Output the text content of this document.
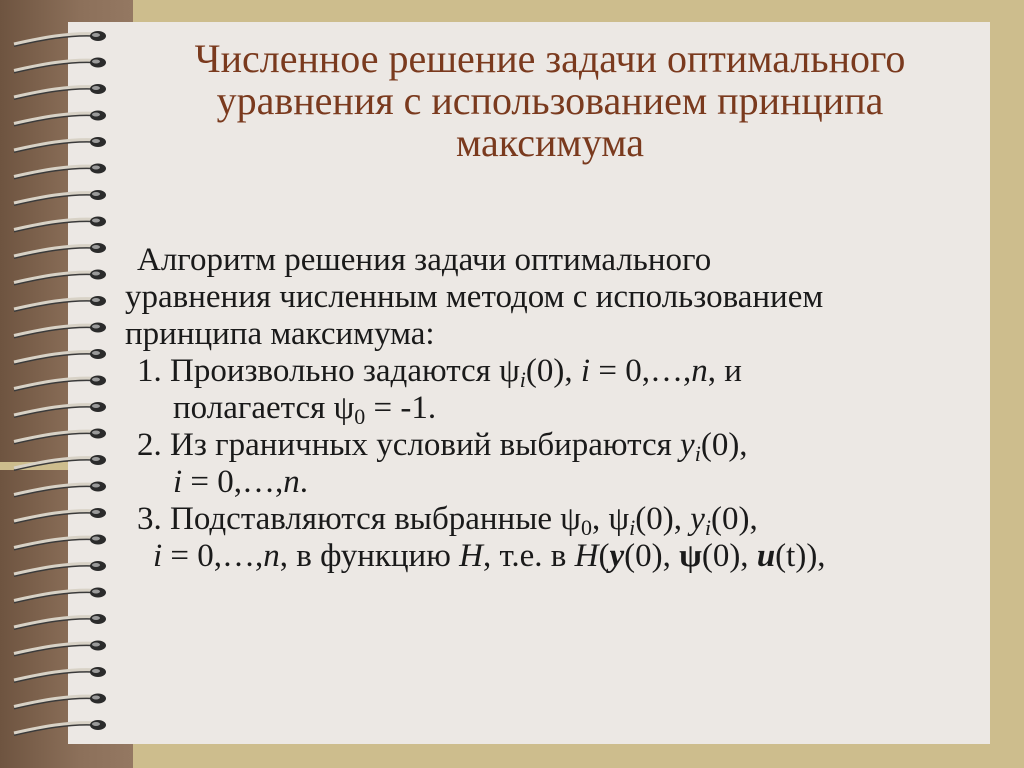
Численное решение задачи оптимального
уравнения с использованием принципа
максимума
Алгоритм решения задачи оптимального
уравнения численным методом с использованием
принципа максимума:
1. Произвольно задаются $\psi_i(0)$, i = 0,…,n, и
полагается $\psi_0 = -1$.
2. Из граничных условий выбираются $y_i(0)$,
i = 0,…,n.
3. Подставляются выбранные $\psi_0$, $\psi_i(0)$, $y_i(0)$,
i = 0,…,n, в функцию H, т.е. в H(y(0), ψ(0), u(t)),
